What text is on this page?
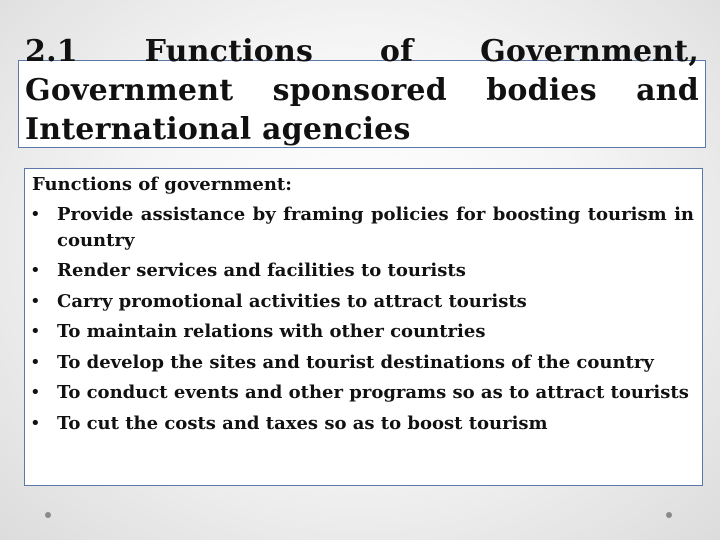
2.1 Functions of Government, Government sponsored bodies and International agencies

Functions of government:

• Provide assistance by framing policies for boosting tourism in country
• Render services and facilities to tourists
• Carry promotional activities to attract tourists
• To maintain relations with other countries
• To develop the sites and tourist destinations of the country
• To conduct events and other programs so as to attract tourists
• To cut the costs and taxes so as to boost tourism
